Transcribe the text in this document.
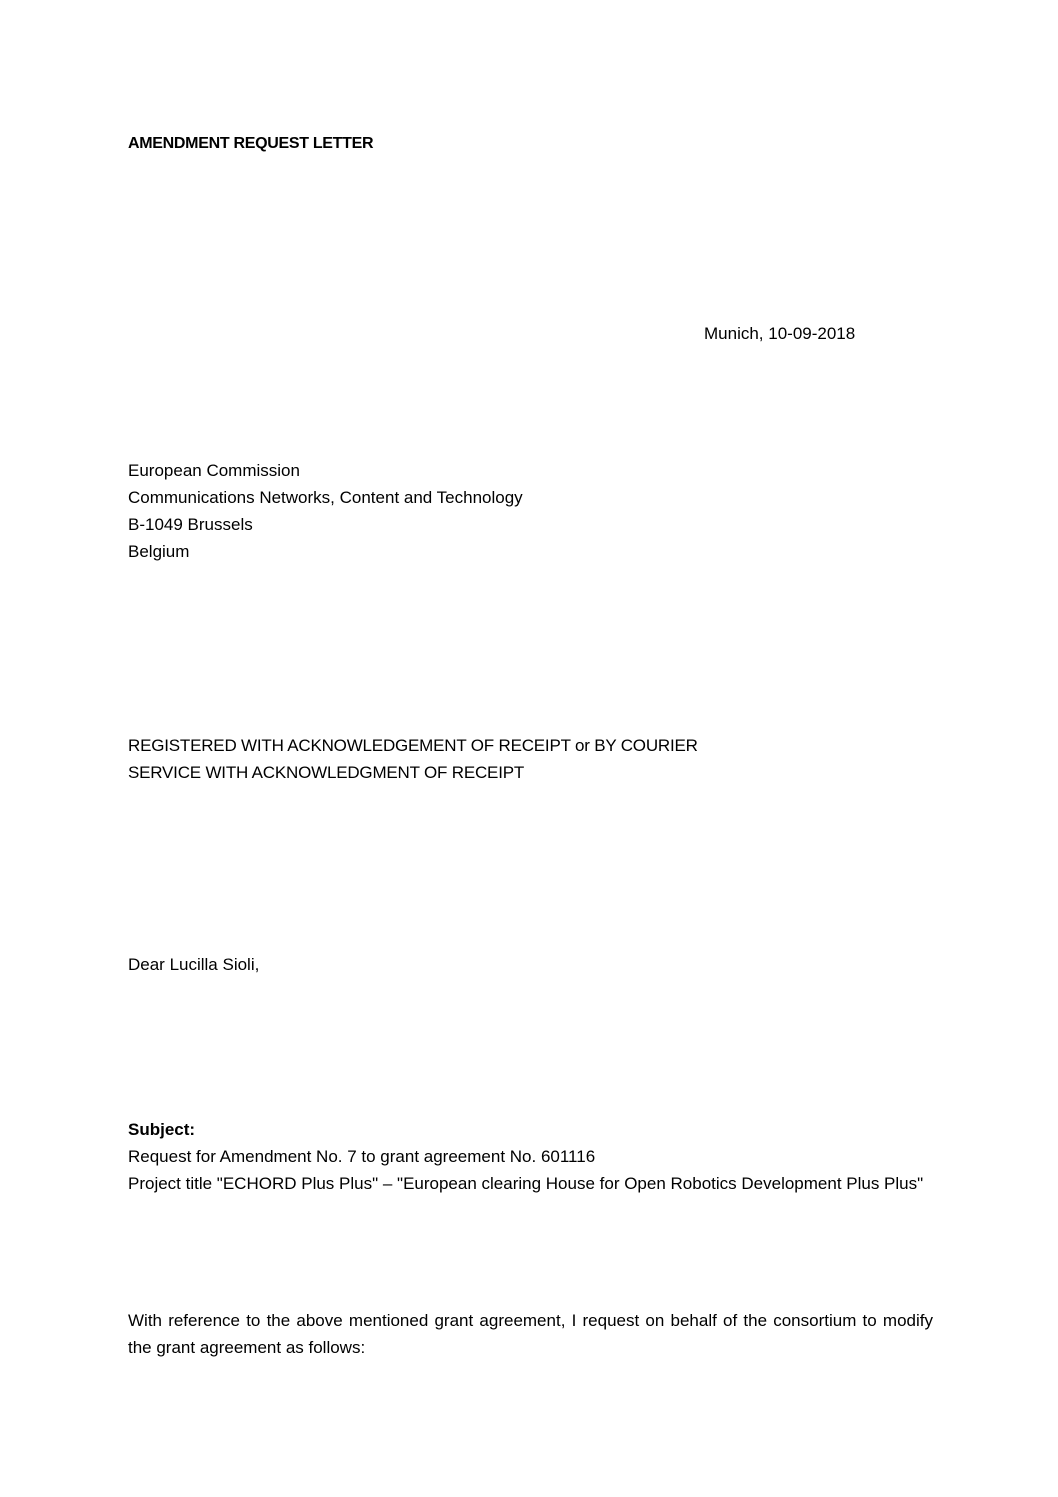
AMENDMENT REQUEST LETTER

Munich, 10-09-2018

European Commission
Communications Networks, Content and Technology
B-1049 Brussels
Belgium
REGISTERED WITH ACKNOWLEDGEMENT OF RECEIPT or BY COURIER
SERVICE WITH ACKNOWLEDGMENT OF RECEIPT

Dear Lucilla Sioli,

Subject:
Request for Amendment No. 7 to grant agreement No. 601116
Project title "ECHORD Plus Plus" – "European clearing House for Open Robotics Development Plus Plus"

With reference to the above mentioned grant agreement, I request on behalf of the consortium to modify the grant agreement as follows:
